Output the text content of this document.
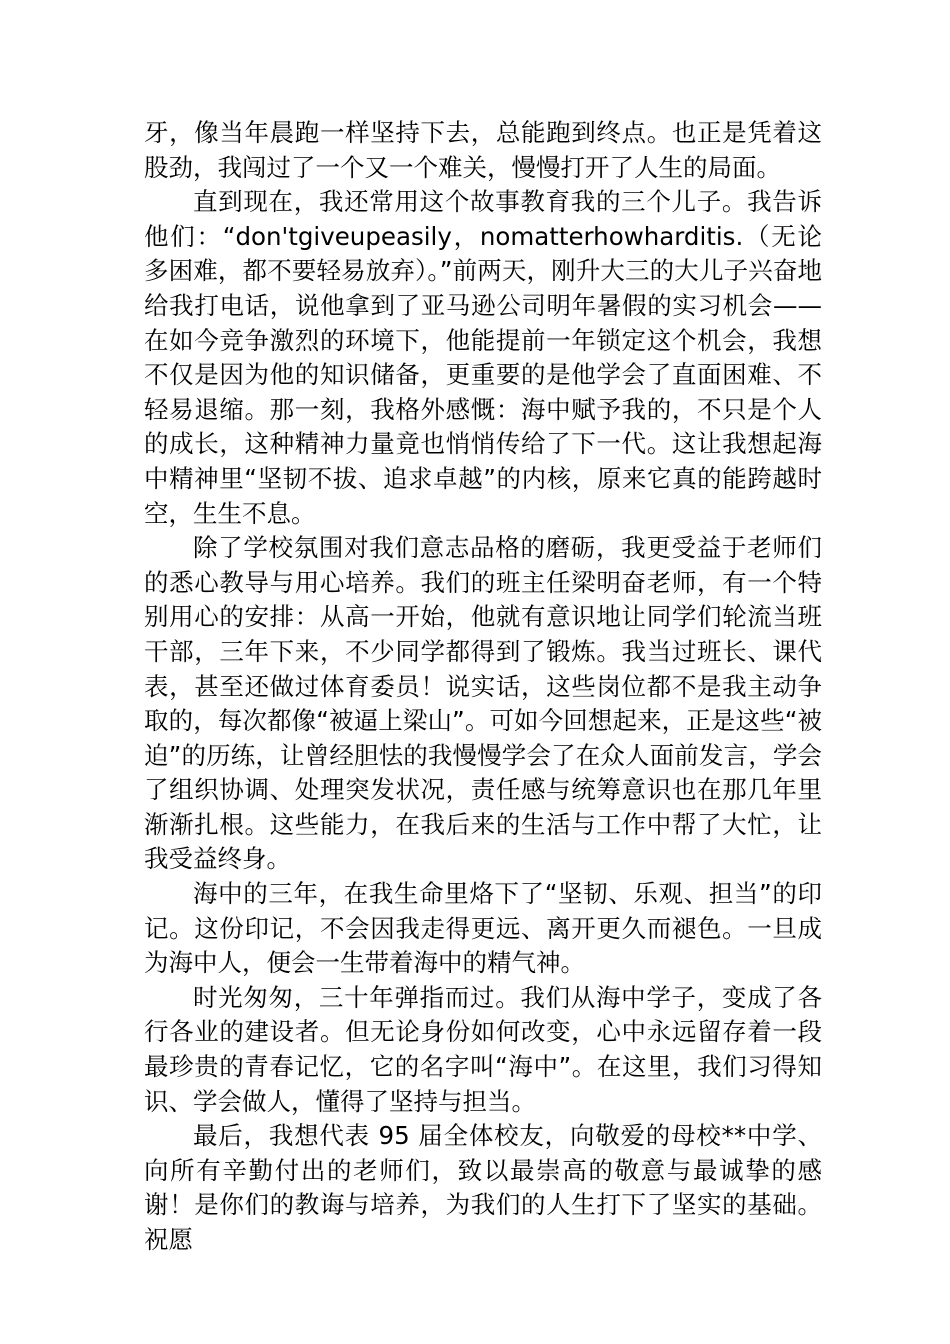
牙，像当年晨跑一样坚持下去，总能跑到终点。也正是凭着这股劲，我闯过了一个又一个难关，慢慢打开了人生的局面。

直到现在，我还常用这个故事教育我的三个儿子。我告诉他们：“don'tgiveupeasily，nomatterhowharditis.（无论多困难，都不要轻易放弃）。”前两天，刚升大三的大儿子兴奋地给我打电话，说他拿到了亚马逊公司明年暑假的实习机会——在如今竞争激烈的环境下，他能提前一年锁定这个机会，我想不仅是因为他的知识储备，更重要的是他学会了直面困难、不轻易退缩。那一刻，我格外感慨：海中赋予我的，不只是个人的成长，这种精神力量竟也悄悄传给了下一代。这让我想起海中精神里“坚韧不拔、追求卓越”的内核，原来它真的能跨越时空，生生不息。

除了学校氛围对我们意志品格的磨砺，我更受益于老师们的悉心教导与用心培养。我们的班主任梁明奋老师，有一个特别用心的安排：从高一开始，他就有意识地让同学们轮流当班干部，三年下来，不少同学都得到了锻炼。我当过班长、课代表，甚至还做过体育委员！说实话，这些岗位都不是我主动争取的，每次都像“被逼上梁山”。可如今回想起来，正是这些“被迫”的历练，让曾经胆怯的我慢慢学会了在众人面前发言，学会了组织协调、处理突发状况，责任感与统筹意识也在那几年里渐渐扎根。这些能力，在我后来的生活与工作中帮了大忙，让我受益终身。

海中的三年，在我生命里烙下了“坚韧、乐观、担当”的印记。这份印记，不会因我走得更远、离开更久而褪色。一旦成为海中人，便会一生带着海中的精气神。

时光匆匆，三十年弹指而过。我们从海中学子，变成了各行各业的建设者。但无论身份如何改变，心中永远留存着一段最珍贵的青春记忆，它的名字叫“海中”。在这里，我们习得知识、学会做人，懂得了坚持与担当。

最后，我想代表 95 届全体校友，向敬爱的母校**中学、向所有辛勤付出的老师们，致以最崇高的敬意与最诚挚的感谢！是你们的教诲与培养，为我们的人生打下了坚实的基础。祝愿
